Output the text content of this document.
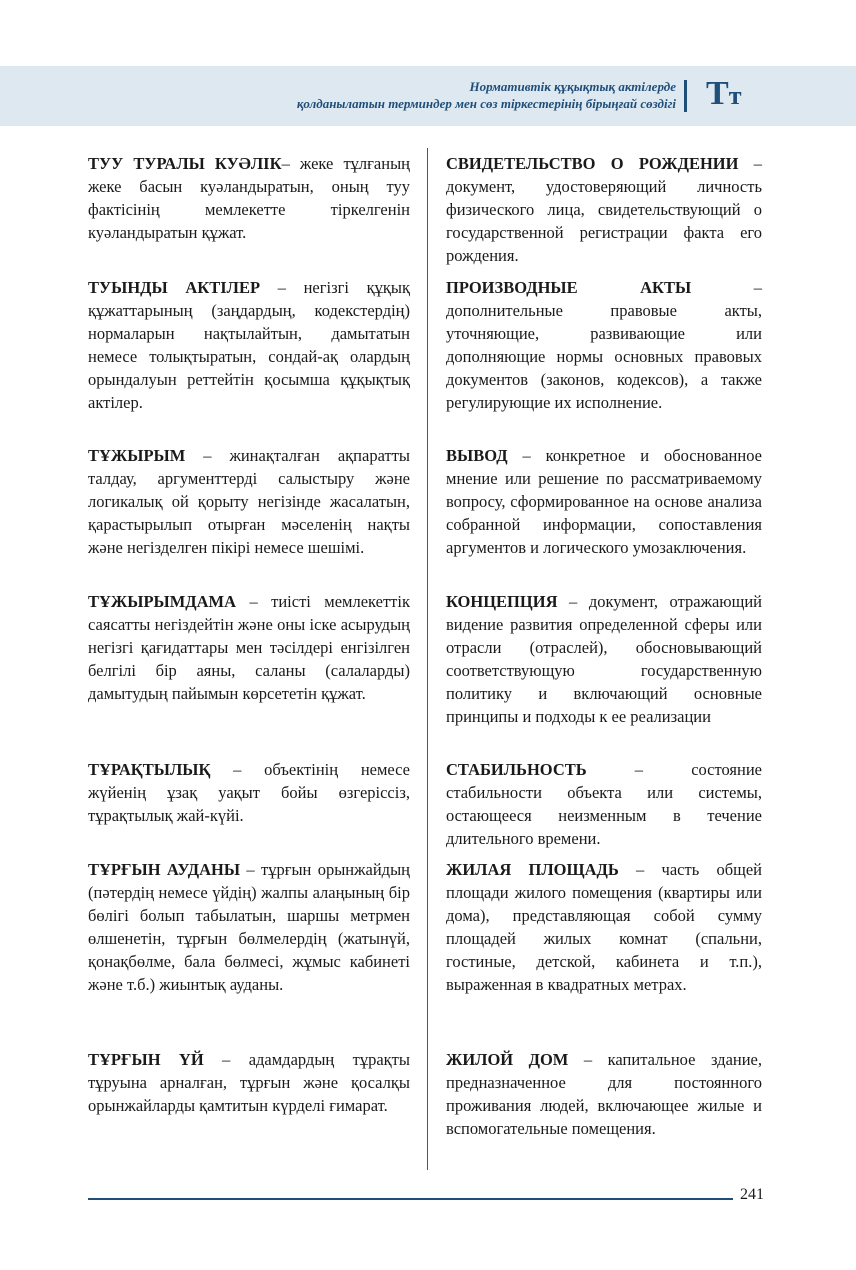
Нормативтік құқықтық актілерде
қолданылатын терминдер мен сөз тіркестерінің бірыңғай сөздігі Тт
ТУУ ТУРАЛЫ КУӘЛІК– жеке тұлғаның жеке басын куәландыратын, оның туу фактісінің мемлекетте тіркелгенін куәландыратын құжат.
СВИДЕТЕЛЬСТВО О РОЖДЕНИИ – документ, удостоверяющий личность физического лица, свидетельствующий о государственной регистрации факта его рождения.
ТУЫНДЫ АКТІЛЕР – негізгі құқық құжаттарының (заңдардың, кодекстердің) нормаларын нақтылайтын, дамытатын немесе толықтыратын, сондай-ақ олардың орындалуын реттейтін қосымша құқықтық актілер.
ПРОИЗВОДНЫЕ АКТЫ – дополнительные правовые акты, уточняющие, развивающие или дополняющие нормы основных правовых документов (законов, кодексов), а также регулирующие их исполнение.
ТҰЖЫРЫМ – жинақталған ақпаратты талдау, аргументтерді салыстыру және логикалық ой қорыту негізінде жасалатын, қарастырылып отырған мәселенің нақты және негізделген пікірі немесе шешімі.
ВЫВОД – конкретное и обоснованное мнение или решение по рассматриваемому вопросу, сформированное на основе анализа собранной информации, сопоставления аргументов и логического умозаключения.
ТҰЖЫРЫМДАМА – тиісті мемлекеттік саясатты негіздейтін және оны іске асырудың негізгі қағидаттары мен тәсілдері енгізілген белгілі бір аяны, саланы (салаларды) дамытудың пайымын көрсететін құжат.
КОНЦЕПЦИЯ – документ, отражающий видение развития определенной сферы или отрасли (отраслей), обосновывающий соответствующую государственную политику и включающий основные принципы и подходы к ее реализации
ТҰРАҚТЫЛЫҚ – объектінің немесе жүйенің ұзақ уақыт бойы өзгеріссіз, тұрақтылық жай-күйі.
СТАБИЛЬНОСТЬ – состояние стабильности объекта или системы, остающееся неизменным в течение длительного времени.
ТҰРҒЫН АУДАНЫ – тұрғын орынжайдың (пәтердің немесе үйдің) жалпы алаңының бір бөлігі болып табылатын, шаршы метрмен өлшенетін, тұрғын бөлмелердің (жатынүй, қонақбөлме, бала бөлмесі, жұмыс кабинеті және т.б.) жиынтық ауданы.
ЖИЛАЯ ПЛОЩАДЬ – часть общей площади жилого помещения (квартиры или дома), представляющая собой сумму площадей жилых комнат (спальни, гостиные, детской, кабинета и т.п.), выраженная в квадратных метрах.
ТҰРҒЫН ҮЙ – адамдардың тұрақты тұруына арналған, тұрғын және қосалқы орынжайларды қамтитын күрделі ғимарат.
ЖИЛОЙ ДОМ – капитальное здание, предназначенное для постоянного проживания людей, включающее жилые и вспомогательные помещения.
241
